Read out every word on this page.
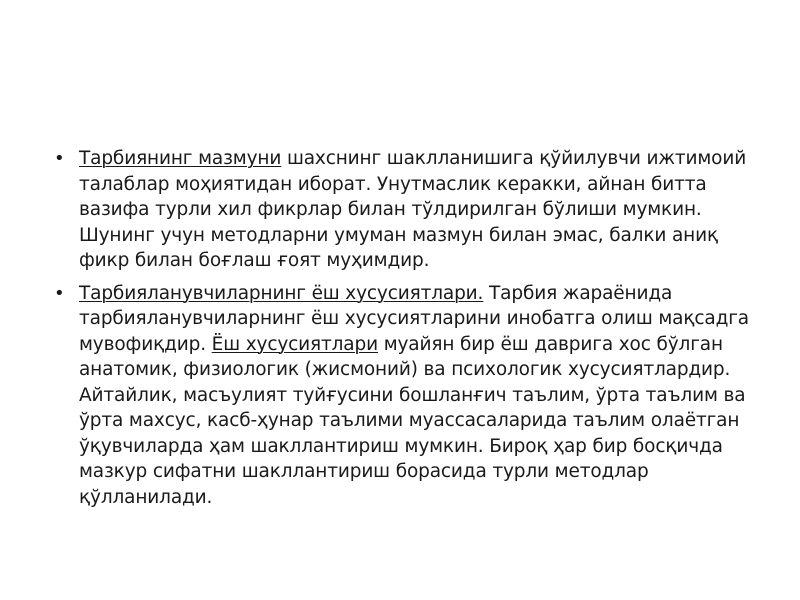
• Тарбиянинг мазмуни шахснинг шаклланишига қўйилувчи ижтимоий талаблар моҳиятидан иборат. Унутмаслик керакки, айнан битта вазифа турли хил фикрлар билан тўлдирилган бўлиши мумкин. Шунинг учун методларни умуман мазмун билан эмас, балки аниқ фикр билан боғлаш ғоят муҳимдир.
• Тарбияланувчиларнинг ёш хусусиятлари. Тарбия жараёнида тарбияланувчиларнинг ёш хусусиятларини инобатга олиш мақсадга мувофиқдир. Ёш хусусиятлари муайян бир ёш даврига хос бўлган анатомик, физиологик (жисмоний) ва психологик хусусиятлардир. Айтайлик, масъулият туйғусини бошланғич таълим, ўрта таълим ва ўрта махсус, касб-ҳунар таълими муассасаларида таълим олаётган ўқувчиларда ҳам шакллантириш мумкин. Бироқ ҳар бир босқичда мазкур сифатни шакллантириш борасида турли методлар қўлланилади.
